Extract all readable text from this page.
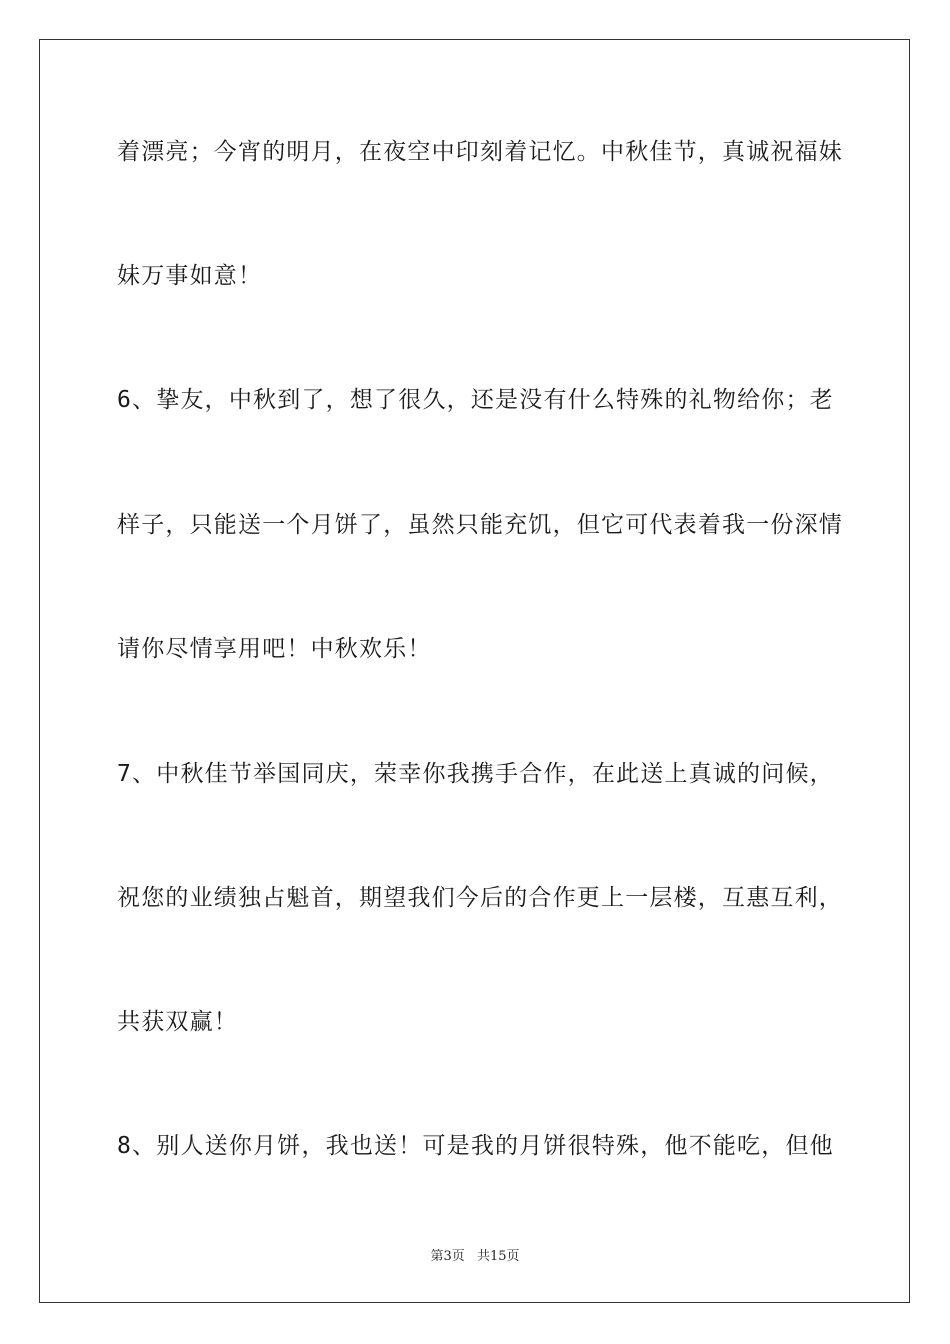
着漂亮；今宵的明月，在夜空中印刻着记忆。中秋佳节，真诚祝福妹
妹万事如意！
6、挚友，中秋到了，想了很久，还是没有什么特殊的礼物给你；老
样子，只能送一个月饼了，虽然只能充饥，但它可代表着我一份深情
请你尽情享用吧！中秋欢乐！
7、中秋佳节举国同庆，荣幸你我携手合作，在此送上真诚的问候，
祝您的业绩独占魁首，期望我们今后的合作更上一层楼，互惠互利，
共获双赢！
8、别人送你月饼，我也送！可是我的月饼很特殊，他不能吃，但他
第3页 共15页
